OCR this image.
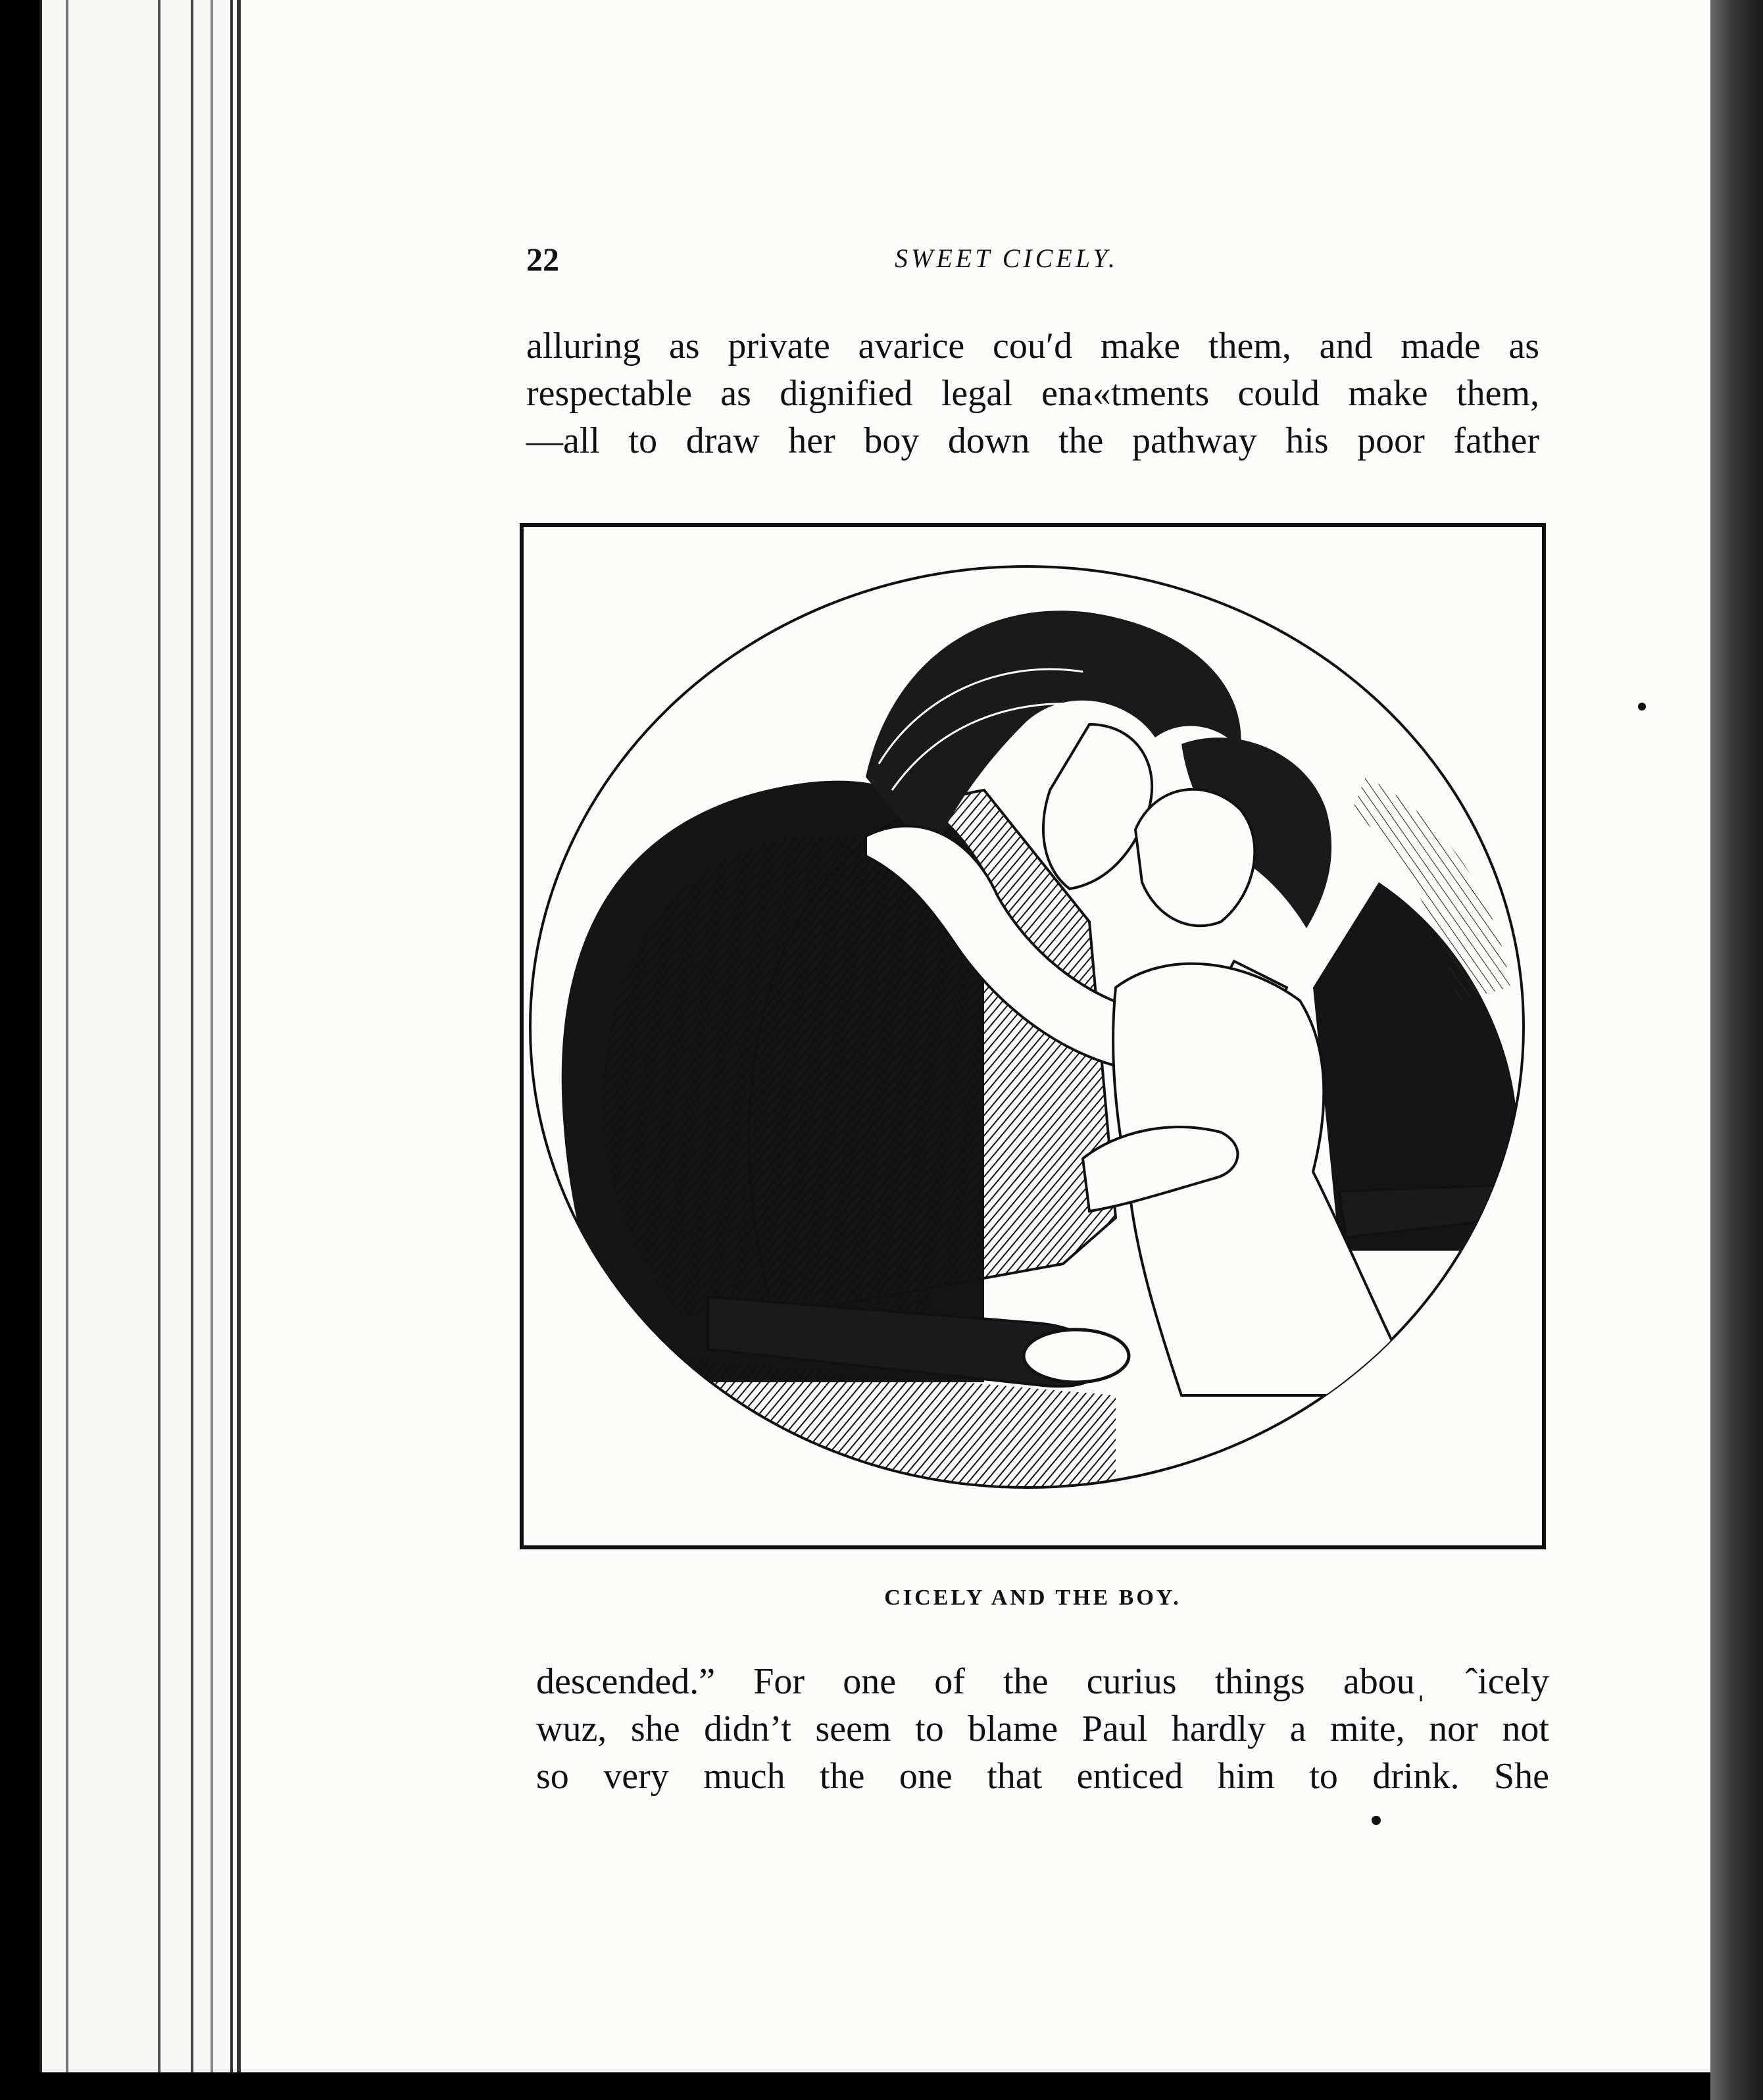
22	SWEET CICELY.
alluring as private avarice couʹd make them, and made as
respectable as dignified legal ena«tments could make them,
—all to draw her boy down the pathway his poor father
CICELY AND THE BOY.
descended.” For one of the curius things abouˌ ˆicely
wuz, she didn’t seem to blame Paul hardly a mite, nor not
so very much the one that enticed him to drink. She
